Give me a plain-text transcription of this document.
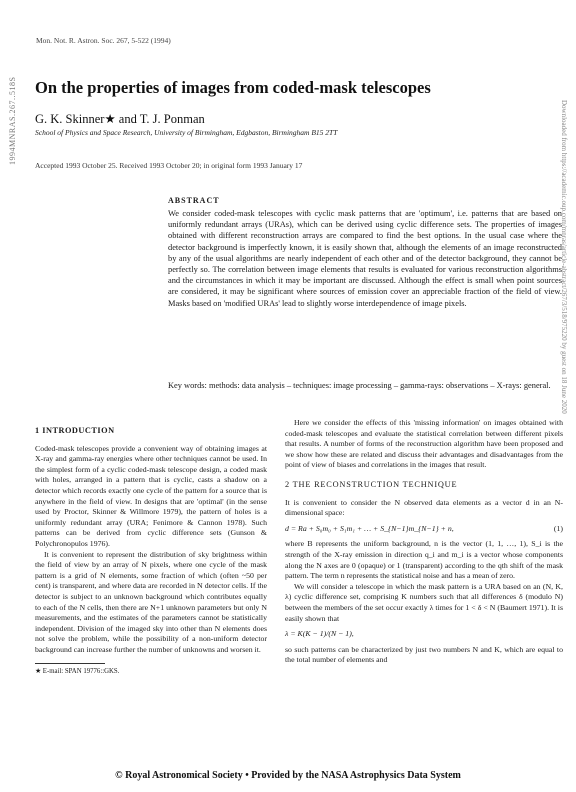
Mon. Not. R. Astron. Soc. 267, 5-522 (1994)
1994MNRAS.267..518S	Downloaded from https://academic.oup.com/mnras/article-abstract/267/3/518/975220 by guest on 18 June 2020
On the properties of images from coded-mask telescopes
G. K. Skinner★ and T. J. Ponman
School of Physics and Space Research, University of Birmingham, Edgbaston, Birmingham B15 2TT
Accepted 1993 October 25. Received 1993 October 20; in original form 1993 January 17
ABSTRACT
We consider coded-mask telescopes with cyclic mask patterns that are 'optimum', i.e. patterns that are based on uniformly redundant arrays (URAs), which can be derived using cyclic difference sets. The properties of images obtained with different reconstruction arrays are compared to find the best options. In the usual case where the detector background is imperfectly known, it is easily shown that, although the elements of an image reconstructed by any of the usual algorithms are nearly independent of each other and of the detector background, they cannot be perfectly so. The correlation between image elements that results is evaluated for various reconstruction algorithms and the circumstances in which it may be important are discussed. Although the effect is small when point sources are considered, it may be significant where sources of emission cover an appreciable fraction of the field of view. Masks based on 'modified URAs' lead to slightly worse interdependence of image pixels.
Key words: methods: data analysis – techniques: image processing – gamma-rays: observations – X-rays: general.
1 INTRODUCTION

Coded-mask telescopes provide a convenient way of obtaining images at X-ray and gamma-ray energies where other techniques cannot be used. In the simplest form of a cyclic coded-mask telescope design, a coded mask with holes, arranged in a pattern that is cyclic, casts a shadow on a detector which records exactly one cycle of the pattern for a source that is anywhere in the field of view. In designs that are 'optimal' (in the sense used by Proctor, Skinner & Willmore 1979), the pattern of holes is a uniformly redundant array (URA; Fenimore & Cannon 1978). Such patterns can be derived from cyclic difference sets (Gunson & Polychronopulos 1976).

It is convenient to represent the distribution of sky brightness within the field of view by an array of N pixels, where one cycle of the mask pattern is a grid of N elements, some fraction of which (often ~50 per cent) is transparent, and where data are recorded in N detector cells. If the detector is subject to an unknown background which contributes equally to each of the N cells, then there are N+1 unknown parameters but only N measurements, and the estimates of the parameters cannot be statistically independent. Division of the imaged sky into other than N elements does not solve the problem, while the possibility of a non-uniform detector background can increase further the number of unknowns and worsen it.

★ E-mail: SPAN 19776::GKS.

Here we consider the effects of this 'missing information' on images obtained with coded-mask telescopes and evaluate the statistical correlation between different pixels that results. A number of forms of the reconstruction algorithm have been proposed and we show how these are related and discuss their advantages and disadvantages from the point of view of biases and correlations in the images that result.

2 THE RECONSTRUCTION TECHNIQUE

It is convenient to consider the N observed data elements as a vector d in an N-dimensional space:

d = Ra + S₀m₀ + S₁m₁ + … + S_{N−1}m_{N−1} + n,	(1)

where B represents the uniform background, n is the vector (1, 1, …, 1), S_i is the strength of the X-ray emission in direction q_i and m_i is a vector whose components along the N axes are 0 (opaque) or 1 (transparent) according to the qth shift of the mask pattern. The term n represents the statistical noise and has a mean of zero.

We will consider a telescope in which the mask pattern is a URA based on an (N, K, λ) cyclic difference set, comprising K numbers such that all differences δ (modulo N) between the members of the set occur exactly λ times for 1 < δ < N (Baumert 1971). It is easily shown that

λ = K(K − 1)/(N − 1),

so such patterns can be characterized by just two numbers N and K, which are equal to the total number of elements and

© Royal Astronomical Society • Provided by the NASA Astrophysics Data System
